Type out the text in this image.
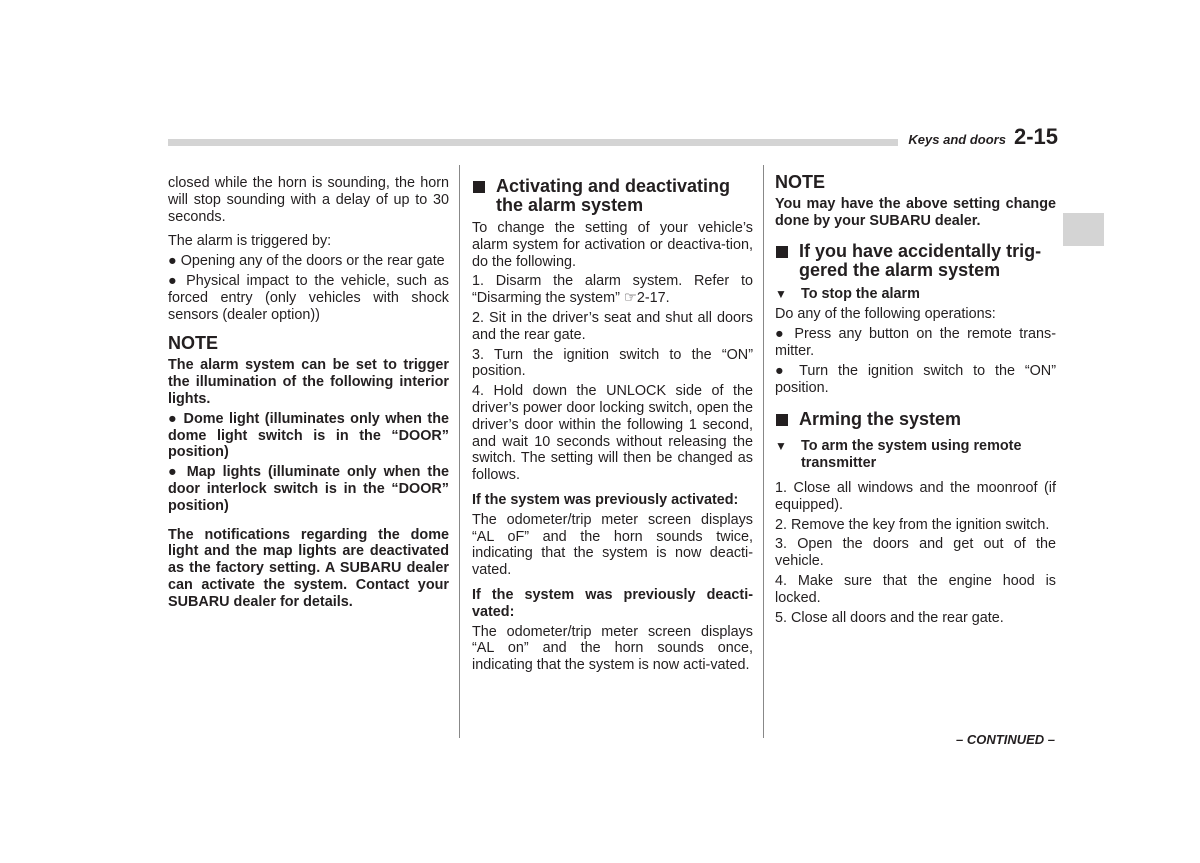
Keys and doors 2-15

closed while the horn is sounding, the horn will stop sounding with a delay of up to 30 seconds.

The alarm is triggered by:

● Opening any of the doors or the rear gate

● Physical impact to the vehicle, such as forced entry (only vehicles with shock sensors (dealer option))

NOTE

The alarm system can be set to trigger the illumination of the following interior lights.

● Dome light (illuminates only when the dome light switch is in the “DOOR” position)

● Map lights (illuminate only when the door interlock switch is in the “DOOR” position)

The notifications regarding the dome light and the map lights are deactivated as the factory setting. A SUBARU dealer can activate the system. Contact your SUBARU dealer for details.

Activating and deactivating the alarm system

To change the setting of your vehicle’s alarm system for activation or deactiva-tion, do the following.

1. Disarm the alarm system. Refer to “Disarming the system” ☞2-17.

2. Sit in the driver’s seat and shut all doors and the rear gate.

3. Turn the ignition switch to the “ON” position.

4. Hold down the UNLOCK side of the driver’s power door locking switch, open the driver’s door within the following 1 second, and wait 10 seconds without releasing the switch. The setting will then be changed as follows.

If the system was previously activated:

The odometer/trip meter screen displays “AL oF” and the horn sounds twice, indicating that the system is now deacti-vated.

If the system was previously deacti-vated:

The odometer/trip meter screen displays “AL on” and the horn sounds once, indicating that the system is now acti-vated.

NOTE

You may have the above setting change done by your SUBARU dealer.

If you have accidentally trig-gered the alarm system
▼ To stop the alarm

Do any of the following operations:

● Press any button on the remote trans-mitter.

● Turn the ignition switch to the “ON” position.

Arming the system
▼ To arm the system using remote transmitter

1. Close all windows and the moonroof (if equipped).

2. Remove the key from the ignition switch.

3. Open the doors and get out of the vehicle.

4. Make sure that the engine hood is locked.

5. Close all doors and the rear gate.

– CONTINUED –
